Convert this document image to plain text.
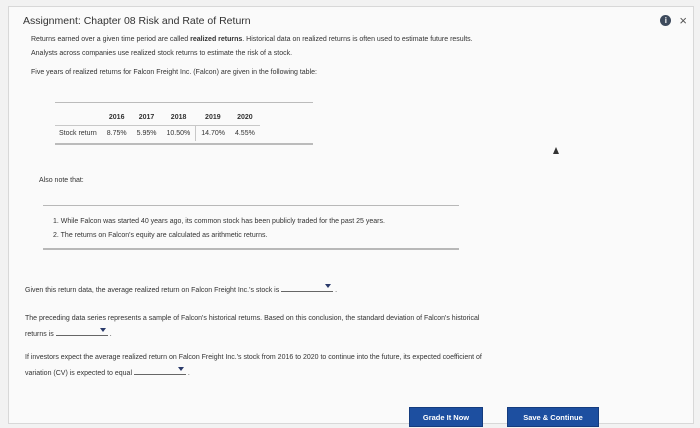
Assignment: Chapter 08 Risk and Rate of Return	i ×
Returns earned over a given time period are called realized returns. Historical data on realized returns is often used to estimate future results.
Analysts across companies use realized stock returns to estimate the risk of a stock.
Five years of realized returns for Falcon Freight Inc. (Falcon) are given in the following table:
	2016	2017	2018	2019	2020
Stock return	8.75%	5.95%	10.50%	14.70%	4.55%
Also note that:
1. While Falcon was started 40 years ago, its common stock has been publicly traded for the past 25 years.
2. The returns on Falcon's equity are calculated as arithmetic returns.
Given this return data, the average realized return on Falcon Freight Inc.'s stock is	.
The preceding data series represents a sample of Falcon's historical returns. Based on this conclusion, the standard deviation of Falcon's historical
returns is	.
If investors expect the average realized return on Falcon Freight Inc.'s stock from 2016 to 2020 to continue into the future, its expected coefficient of
variation (CV) is expected to equal	.
Grade It Now	Save & Continue
